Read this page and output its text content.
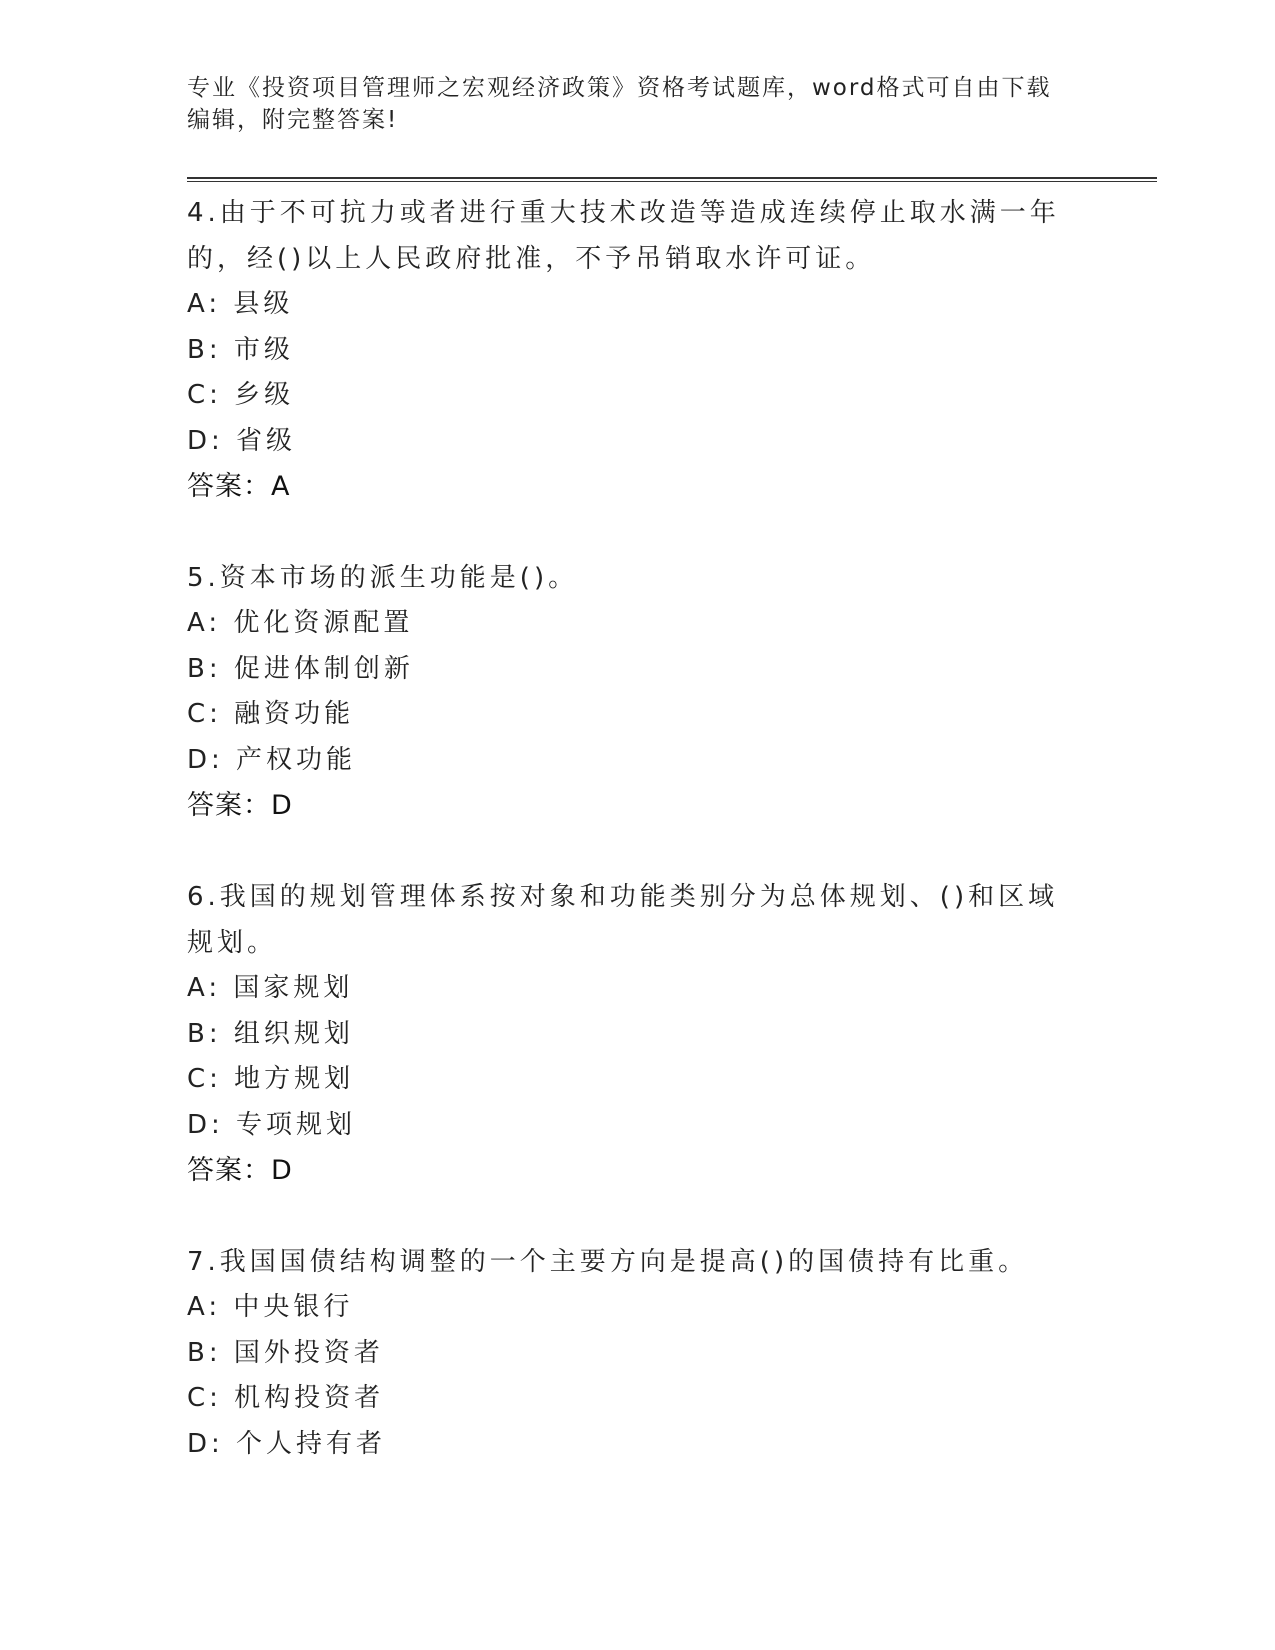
专业《投资项目管理师之宏观经济政策》资格考试题库，word格式可自由下载编辑，附完整答案!
4.由于不可抗力或者进行重大技术改造等造成连续停止取水满一年的，经()以上人民政府批准，不予吊销取水许可证。
A: 县级
B: 市级
C: 乡级
D: 省级
答案：A
5.资本市场的派生功能是()。
A: 优化资源配置
B: 促进体制创新
C: 融资功能
D: 产权功能
答案：D
6.我国的规划管理体系按对象和功能类别分为总体规划、()和区域规划。
A: 国家规划
B: 组织规划
C: 地方规划
D: 专项规划
答案：D
7.我国国债结构调整的一个主要方向是提高()的国债持有比重。
A: 中央银行
B: 国外投资者
C: 机构投资者
D: 个人持有者
